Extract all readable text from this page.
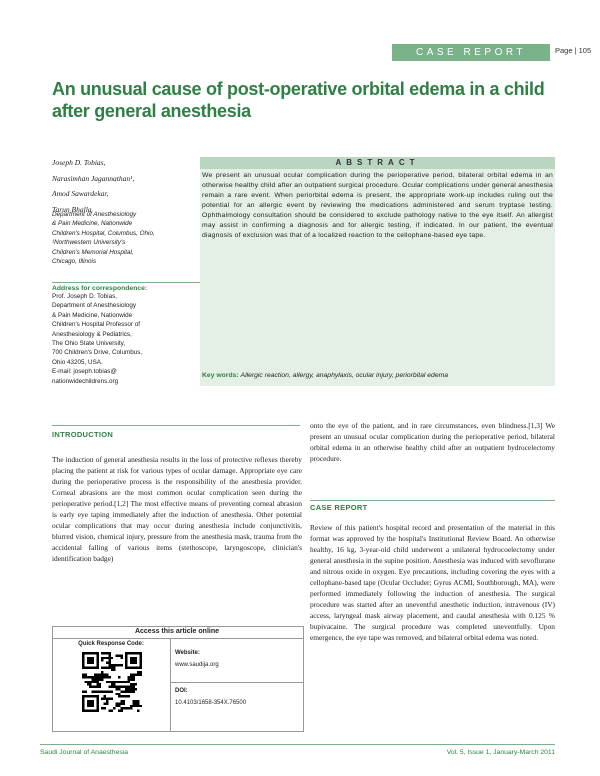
CASE REPORT	Page | 105
An unusual cause of post-operative orbital edema in a child after general anesthesia
Joseph D. Tobias,
Narasimhan Jagannathan¹,
Amod Sawardekar,
Tarun Bhalla
Department of Anesthesiology
& Pain Medicine, Nationwide
Children's Hospital, Columbus, Ohio,
¹Northwestern University's
Children's Memorial Hospital,
Chicago, Illinois
Address for correspondence:
Prof. Joseph D. Tobias,
Department of Anesthesiology
& Pain Medicine, Nationwide
Children's Hospital Professor of
Anesthesiology & Pediatrics,
The Ohio State University,
700 Children's Drive, Columbus,
Ohio 43205, USA.
E-mail: joseph.tobias@
nationwidechildrens.org
ABSTRACT
We present an unusual ocular complication during the perioperative period, bilateral orbital edema in an otherwise healthy child after an outpatient surgical procedure. Ocular complications under general anesthesia remain a rare event. When periorbital edema is present, the appropriate work-up includes ruling out the potential for an allergic event by reviewing the medications administered and serum tryptase testing. Ophthalmology consultation should be considered to exclude pathology native to the eye itself. An allergist may assist in confirming a diagnosis and for allergic testing, if indicated. In our patient, the eventual diagnosis of exclusion was that of a localized reaction to the cellophane-based eye tape.
Key words: Allergic reaction, allergy, anaphylaxis, ocular injury, periorbital edema
INTRODUCTION
The induction of general anesthesia results in the loss of protective reflexes thereby placing the patient at risk for various types of ocular damage. Appropriate eye care during the perioperative process is the responsibility of the anesthesia provider. Corneal abrasions are the most common ocular complication seen during the perioperative period.[1,2] The most effective means of preventing corneal abrasion is early eye taping immediately after the induction of anesthesia. Other potential ocular complications that may occur during anesthesia include conjunctivitis, blurred vision, chemical injury, pressure from the anesthesia mask, trauma from the accidental falling of various items (stethoscope, laryngoscope, clinician's identification badge)
onto the eye of the patient, and in rare circumstances, even blindness.[1,3] We present an unusual ocular complication during the perioperative period, bilateral orbital edema in an otherwise healthy child after an outpatient hydrocelectomy procedure.
CASE REPORT
Review of this patient's hospital record and presentation of the material in this format was approved by the hospital's Institutional Review Board. An otherwise healthy, 16 kg, 3-year-old child underwent a unilateral hydrocoelectomy under general anesthesia in the supine position. Anesthesia was induced with sevoflurane and nitrous oxide in oxygen. Eye precautions, including covering the eyes with a cellophane-based tape (Ocular Occluder; Gyrus ACMI, Southborough, MA), were performed immediately following the induction of anesthesia. The surgical procedure was started after an uneventful anesthetic induction, intravenous (IV) access, laryngeal mask airway placement, and caudal anesthesia with 0.125 % bupivacaine. The surgical procedure was completed uneventfully. Upon emergence, the eye tape was removed, and bilateral orbital edema was noted.
Access this article online
Quick Response Code:
Website:
www.saudija.org
DOI:
10.4103/1658-354X.76500
Saudi Journal of Anaesthesia	Vol. 5, Issue 1, January-March 2011
